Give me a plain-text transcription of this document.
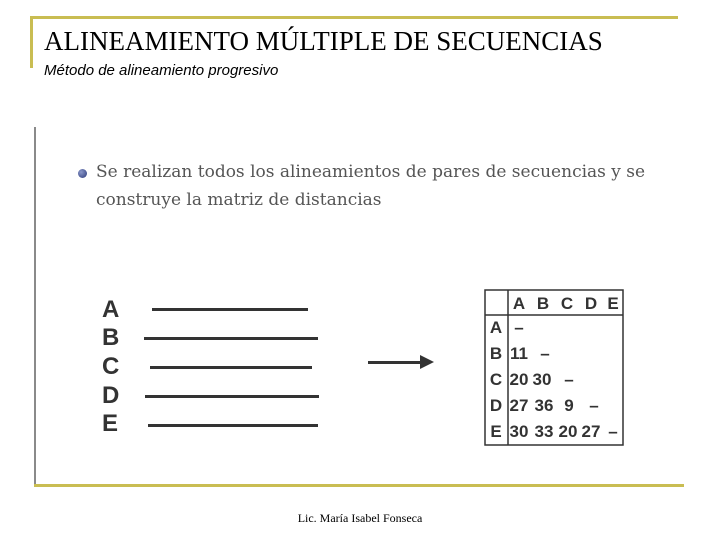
ALINEAMIENTO MÚLTIPLE DE SECUENCIAS
Método de alineamiento progresivo
Se realizan todos los alineamientos de pares de secuencias y se construye la matriz de distancias
A
B
C
D
E
A B C D E
A
B
C
D
E
–
11 –
20 30 –
27 36 9 –
30 33 20 27 –
Lic. María Isabel Fonseca
